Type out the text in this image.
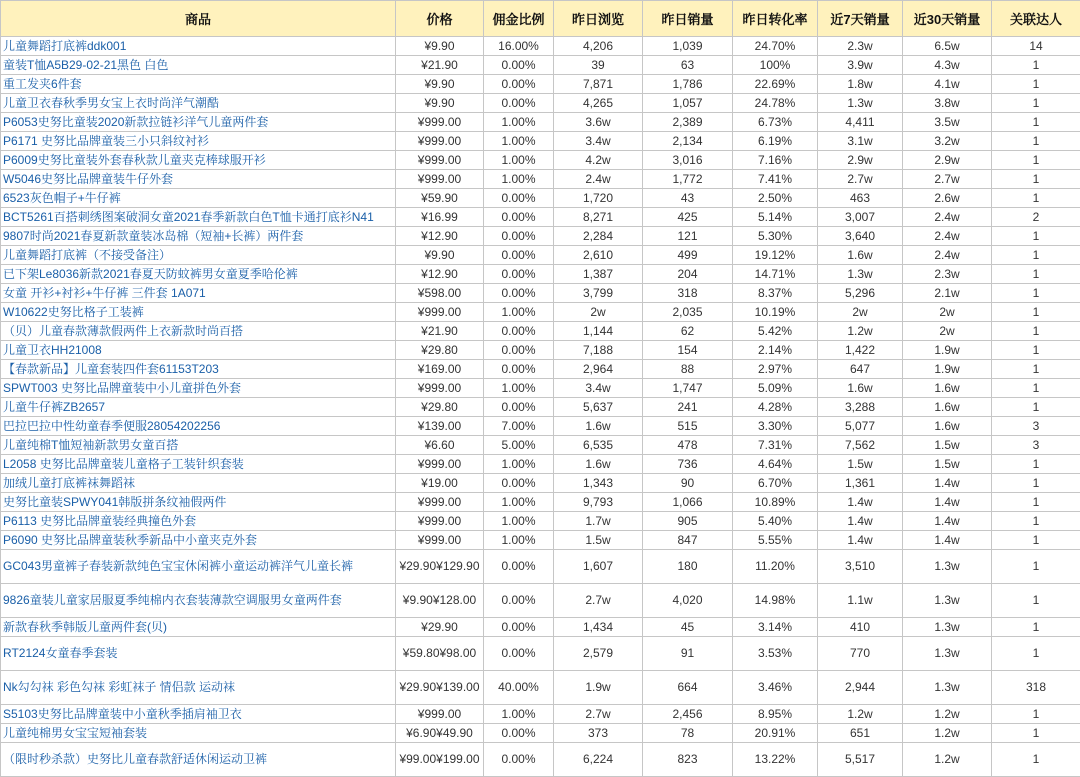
商品	价格	佣金比例	昨日浏览	昨日销量	昨日转化率	近7天销量	近30天销量	关联达人
儿童舞蹈打底裤ddk001	¥9.90	16.00%	4,206	1,039	24.70%	2.3w	6.5w	14
童装T恤A5B29-02-21黑色 白色	¥21.90	0.00%	39	63	100%	3.9w	4.3w	1
重工发夹6件套	¥9.90	0.00%	7,871	1,786	22.69%	1.8w	4.1w	1
儿童卫衣春秋季男女宝上衣时尚洋气潮酷	¥9.90	0.00%	4,265	1,057	24.78%	1.3w	3.8w	1
P6053史努比童装2020新款拉链衫洋气儿童两件套	¥999.00	1.00%	3.6w	2,389	6.73%	4,411	3.5w	1
P6171 史努比品牌童装三小只斜纹衬衫	¥999.00	1.00%	3.4w	2,134	6.19%	3.1w	3.2w	1
P6009史努比童装外套春秋款儿童夹克棒球服开衫	¥999.00	1.00%	4.2w	3,016	7.16%	2.9w	2.9w	1
W5046史努比品牌童装牛仔外套	¥999.00	1.00%	2.4w	1,772	7.41%	2.7w	2.7w	1
6523灰色帽子+牛仔裤	¥59.90	0.00%	1,720	43	2.50%	463	2.6w	1
BCT5261百搭刺绣图案破洞女童2021春季新款白色T恤卡通打底衫N41	¥16.99	0.00%	8,271	425	5.14%	3,007	2.4w	2
9807时尚2021春夏新款童装冰岛棉（短袖+长裤）两件套	¥12.90	0.00%	2,284	121	5.30%	3,640	2.4w	1
儿童舞蹈打底裤（不接受备注）	¥9.90	0.00%	2,610	499	19.12%	1.6w	2.4w	1
已下架Le8036新款2021春夏天防蚊裤男女童夏季哈伦裤	¥12.90	0.00%	1,387	204	14.71%	1.3w	2.3w	1
女童 开衫+衬衫+牛仔裤 三件套 1A071	¥598.00	0.00%	3,799	318	8.37%	5,296	2.1w	1
W10622史努比格子工装裤	¥999.00	1.00%	2w	2,035	10.19%	2w	2w	1
（贝）儿童春款薄款假两件上衣新款时尚百搭	¥21.90	0.00%	1,144	62	5.42%	1.2w	2w	1
儿童卫衣HH21008	¥29.80	0.00%	7,188	154	2.14%	1,422	1.9w	1
【春款新品】儿童套装四件套61153T203	¥169.00	0.00%	2,964	88	2.97%	647	1.9w	1
SPWT003 史努比品牌童装中小儿童拼色外套	¥999.00	1.00%	3.4w	1,747	5.09%	1.6w	1.6w	1
儿童牛仔裤ZB2657	¥29.80	0.00%	5,637	241	4.28%	3,288	1.6w	1
巴拉巴拉中性幼童春季便服28054202256	¥139.00	7.00%	1.6w	515	3.30%	5,077	1.6w	3
儿童纯棉T恤短袖新款男女童百搭	¥6.60	5.00%	6,535	478	7.31%	7,562	1.5w	3
L2058 史努比品牌童装儿童格子工装针织套装	¥999.00	1.00%	1.6w	736	4.64%	1.5w	1.5w	1
加绒儿童打底裤袜舞蹈袜	¥19.00	0.00%	1,343	90	6.70%	1,361	1.4w	1
史努比童装SPWY041韩版拼条纹袖假两件	¥999.00	1.00%	9,793	1,066	10.89%	1.4w	1.4w	1
P6113 史努比品牌童装经典撞色外套	¥999.00	1.00%	1.7w	905	5.40%	1.4w	1.4w	1
P6090 史努比品牌童装秋季新品中小童夹克外套	¥999.00	1.00%	1.5w	847	5.55%	1.4w	1.4w	1
GC043男童裤子春装新款纯色宝宝休闲裤小童运动裤洋气儿童长裤	¥29.90¥129.90	0.00%	1,607	180	11.20%	3,510	1.3w	1
9826童装儿童家居服夏季纯棉内衣套装薄款空调服男女童两件套	¥9.90¥128.00	0.00%	2.7w	4,020	14.98%	1.1w	1.3w	1
新款春秋季韩版儿童两件套(贝)	¥29.90	0.00%	1,434	45	3.14%	410	1.3w	1
RT2124女童春季套装	¥59.80¥98.00	0.00%	2,579	91	3.53%	770	1.3w	1
Nk勾勾袜 彩色勾袜 彩虹袜子 情侣款 运动袜	¥29.90¥139.00	40.00%	1.9w	664	3.46%	2,944	1.3w	318
S5103史努比品牌童装中小童秋季插肩袖卫衣	¥999.00	1.00%	2.7w	2,456	8.95%	1.2w	1.2w	1
儿童纯棉男女宝宝短袖套装	¥6.90¥49.90	0.00%	373	78	20.91%	651	1.2w	1
（限时秒杀款）史努比儿童春款舒适休闲运动卫裤	¥99.00¥199.00	0.00%	6,224	823	13.22%	5,517	1.2w	1
